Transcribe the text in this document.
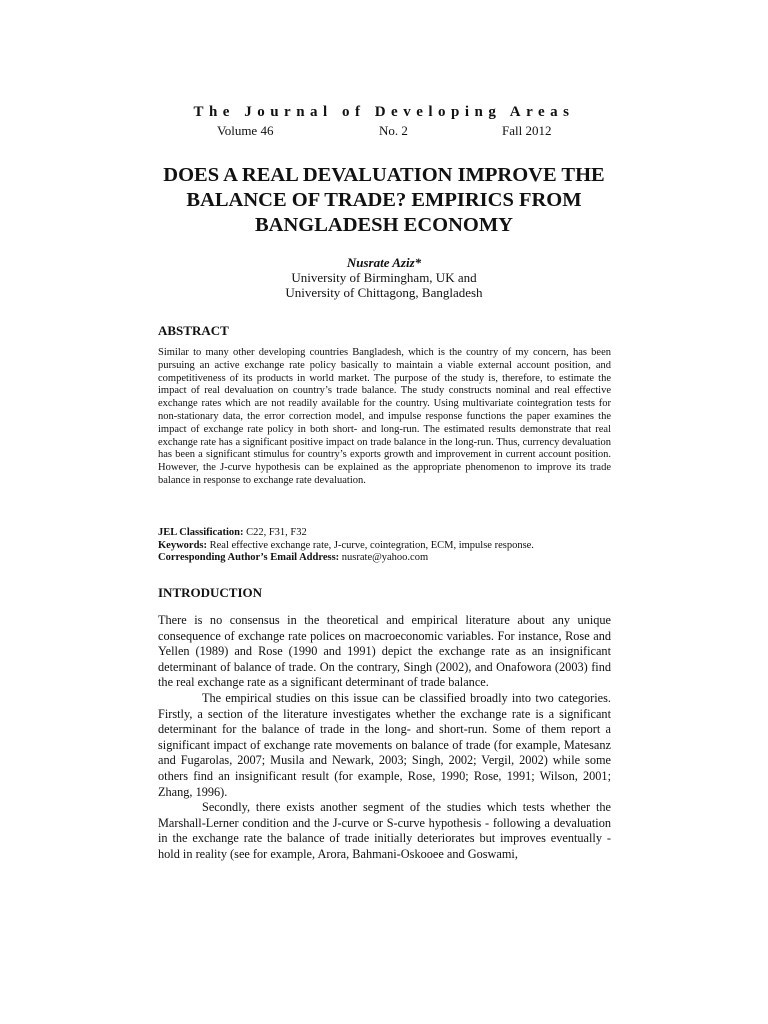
The Journal of Developing Areas

Volume 46	No. 2	Fall 2012

DOES A REAL DEVALUATION IMPROVE THE
BALANCE OF TRADE? EMPIRICS FROM
BANGLADESH ECONOMY
Nusrate Aziz*
University of Birmingham, UK and
University of Chittagong, Bangladesh
ABSTRACT

Similar to many other developing countries Bangladesh, which is the country of my concern, has been pursuing an active exchange rate policy basically to maintain a viable external account position, and competitiveness of its products in world market. The purpose of the study is, therefore, to estimate the impact of real devaluation on country’s trade balance. The study constructs nominal and real effective exchange rates which are not readily available for the country. Using multivariate cointegration tests for non-stationary data, the error correction model, and impulse response functions the paper examines the impact of exchange rate policy in both short- and long-run. The estimated results demonstrate that real exchange rate has a significant positive impact on trade balance in the long-run. Thus, currency devaluation has been a significant stimulus for country’s exports growth and improvement in current account position. However, the J-curve hypothesis can be explained as the appropriate phenomenon to improve its trade balance in response to exchange rate devaluation.

JEL Classification: C22, F31, F32
Keywords: Real effective exchange rate, J-curve, cointegration, ECM, impulse response.
Corresponding Author’s Email Address: nusrate@yahoo.com
INTRODUCTION

There is no consensus in the theoretical and empirical literature about any unique consequence of exchange rate polices on macroeconomic variables. For instance, Rose and Yellen (1989) and Rose (1990 and 1991) depict the exchange rate as an insignificant determinant of balance of trade. On the contrary, Singh (2002), and Onafowora (2003) find the real exchange rate as a significant determinant of trade balance.

The empirical studies on this issue can be classified broadly into two categories. Firstly, a section of the literature investigates whether the exchange rate is a significant determinant for the balance of trade in the long- and short-run. Some of them report a significant impact of exchange rate movements on balance of trade (for example, Matesanz and Fugarolas, 2007; Musila and Newark, 2003; Singh, 2002; Vergil, 2002) while some others find an insignificant result (for example, Rose, 1990; Rose, 1991; Wilson, 2001; Zhang, 1996).

Secondly, there exists another segment of the studies which tests whether the Marshall-Lerner condition and the J-curve or S-curve hypothesis - following a devaluation in the exchange rate the balance of trade initially deteriorates but improves eventually - hold in reality (see for example, Arora, Bahmani-Oskooee and Goswami,
